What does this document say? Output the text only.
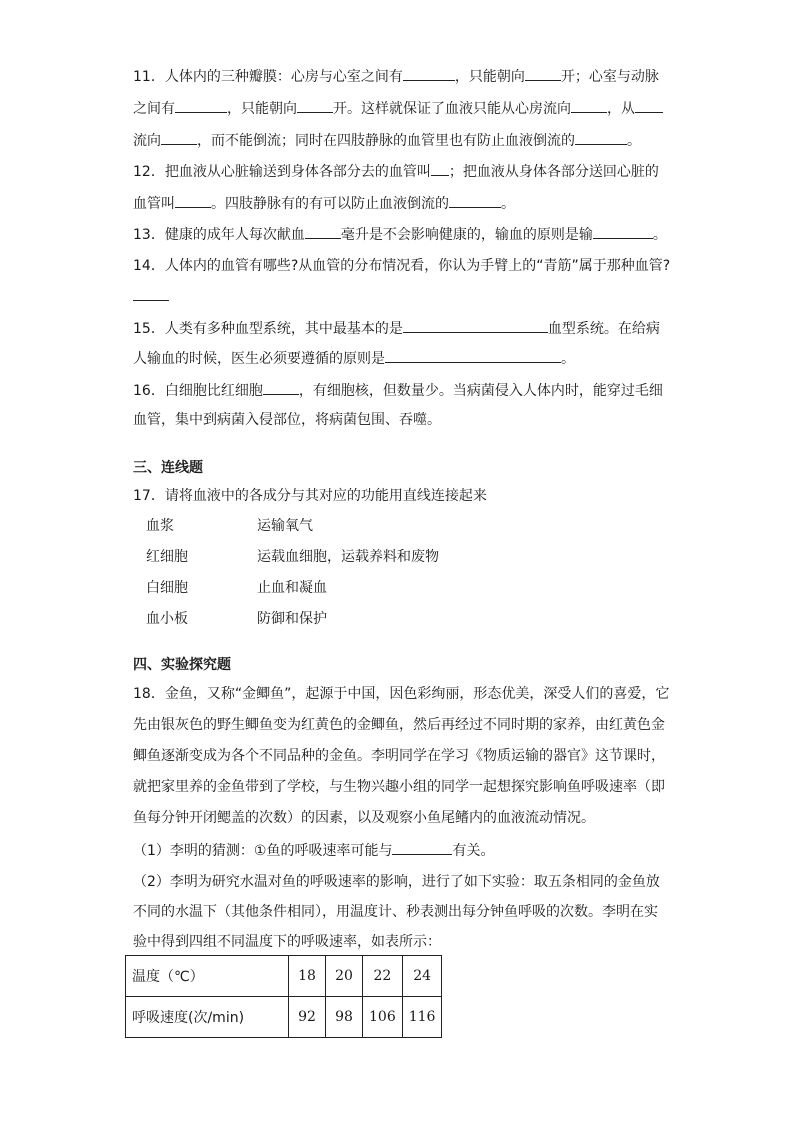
11．人体内的三种瓣膜：心房与心室之间有	，只能朝向	开；心室与动脉
之间有	，只能朝向	开。这样就保证了血液只能从心房流向	，从
流向	，而不能倒流；同时在四肢静脉的血管里也有防止血液倒流的	。
12．把血液从心脏输送到身体各部分去的血管叫 ；把血液从身体各部分送回心脏的
血管叫	。四肢静脉有的有可以防止血液倒流的	。
13．健康的成年人每次献血	毫升是不会影响健康的，输血的原则是输	。
14．人体内的血管有哪些?从血管的分布情况看，你认为手臂上的“青筋”属于那种血管?
15．人类有多种血型系统，其中最基本的是	血型系统。在给病
人输血的时候，医生必须要遵循的原则是	。
16．白细胞比红细胞	，有细胞核，但数量少。当病菌侵入人体内时，能穿过毛细
血管，集中到病菌入侵部位，将病菌包围、吞噬。
三、连线题
17．请将血液中的各成分与其对应的功能用直线连接起来
血浆	运输氧气
红细胞	运载血细胞，运载养料和废物
白细胞	止血和凝血
血小板	防御和保护
四、实验探究题
18．金鱼，又称“金鲫鱼”，起源于中国，因色彩绚丽，形态优美，深受人们的喜爱，它
先由银灰色的野生鲫鱼变为红黄色的金鲫鱼，然后再经过不同时期的家养，由红黄色金
鲫鱼逐渐变成为各个不同品种的金鱼。李明同学在学习《物质运输的器官》这节课时，
就把家里养的金鱼带到了学校，与生物兴趣小组的同学一起想探究影响鱼呼吸速率（即
鱼每分钟开闭鳃盖的次数）的因素，以及观察小鱼尾鳍内的血液流动情况。
（1）李明的猜测：①鱼的呼吸速率可能与	有关。
（2）李明为研究水温对鱼的呼吸速率的影响，进行了如下实验：取五条相同的金鱼放
不同的水温下（其他条件相同），用温度计、秒表测出每分钟鱼呼吸的次数。李明在实
验中得到四组不同温度下的呼吸速率，如表所示：
温度（℃）	18	20	22	24
呼吸速度(次/min)	92	98	106	116
